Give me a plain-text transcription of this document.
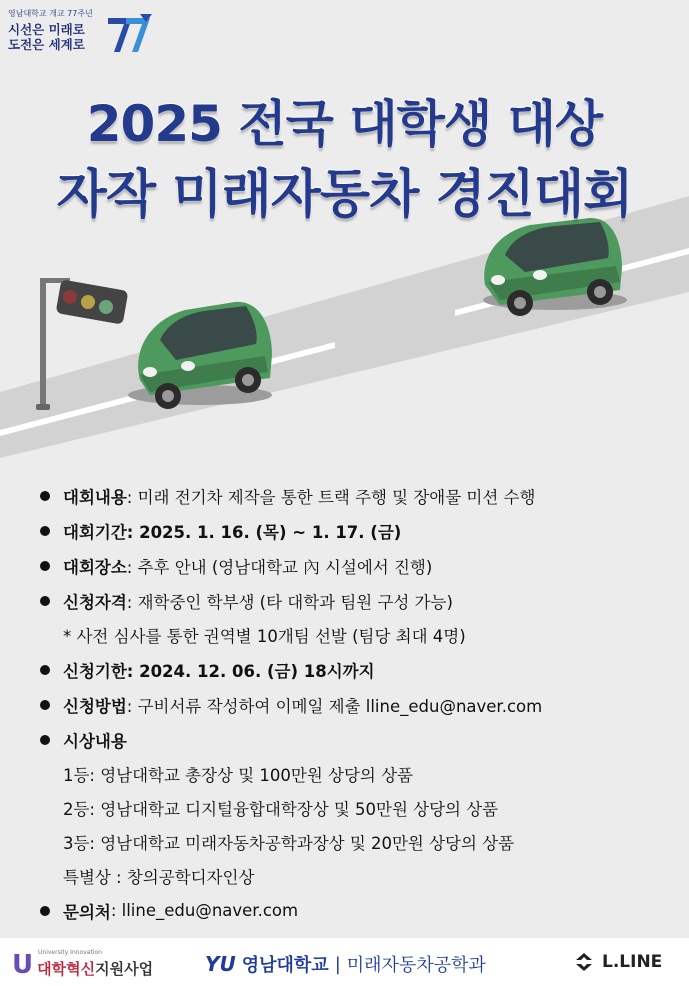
영남대학교 개교 77주년
시선은 미래로
도전은 세계로
2025 전국 대학생 대상
자작 미래자동차 경진대회
대회내용 : 미래 전기차 제작을 통한 트랙 주행 및 장애물 미션 수행
대회기간: 2025. 1. 16. (목) ~ 1. 17. (금)
대회장소 : 추후 안내 (영남대학교 內 시설에서 진행)
신청자격 : 재학중인 학부생 (타 대학과 팀원 구성 가능)
* 사전 심사를 통한 권역별 10개팀 선발 (팀당 최대 4명)
신청기한: 2024. 12. 06. (금) 18시까지
신청방법 : 구비서류 작성하여 이메일 제출 lline_edu@naver.com
시상내용
1등: 영남대학교 총장상 및 100만원 상당의 상품
2등: 영남대학교 디지털융합대학장상 및 50만원 상당의 상품
3등: 영남대학교 미래자동차공학과장상 및 20만원 상당의 상품
특별상 : 창의공학디자인상
문의처 : lline_edu@naver.com
U University Innovation
대학혁신 지원사업	YU 영남대학교 | 미래자동차공학과	L.LINE
